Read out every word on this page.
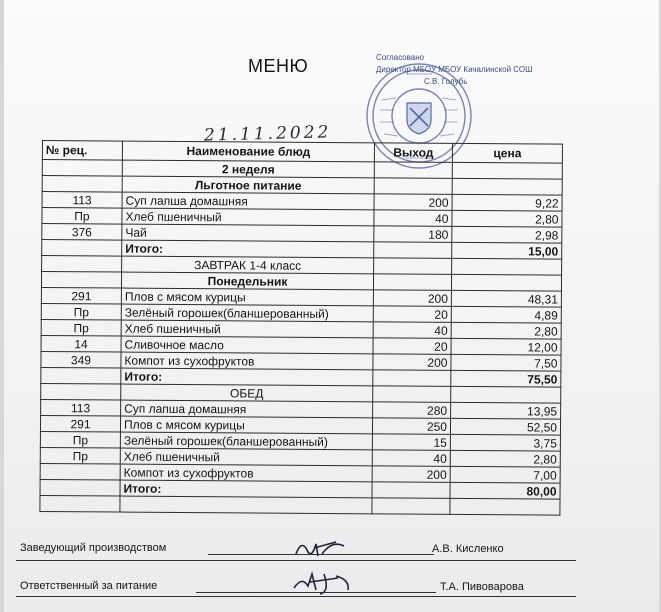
МЕНЮ	Согласовано
Директор МБОУ МБОУ Качалинской СОШ
С.В. Голубь
21.11.2022
№ рец.	Наименование блюд	Выход	цена
	2 неделя		
	Льготное питание		
113	Суп лапша домашняя	200	9,22
Пр	Хлеб пшеничный	40	2,80
376	Чай	180	2,98
	Итого:		15,00
	ЗАВТРАК 1-4 класс		
	Понедельник		
291	Плов с мясом курицы	200	48,31
Пр	Зелёный горошек(бланшерованный)	20	4,89
Пр	Хлеб пшеничный	40	2,80
14	Сливочное масло	20	12,00
349	Компот из сухофруктов	200	7,50
	Итого:		75,50
	ОБЕД		
113	Суп лапша домашняя	280	13,95
291	Плов с мясом курицы	250	52,50
Пр	Зелёный горошек(бланшерованный)	15	3,75
Пр	Хлеб пшеничный	40	2,80
	Компот из сухофруктов	200	7,00
	Итого:		80,00

Заведующий производством	А.В. Кисленко
Ответственный за питание	Т.А. Пивоварова
